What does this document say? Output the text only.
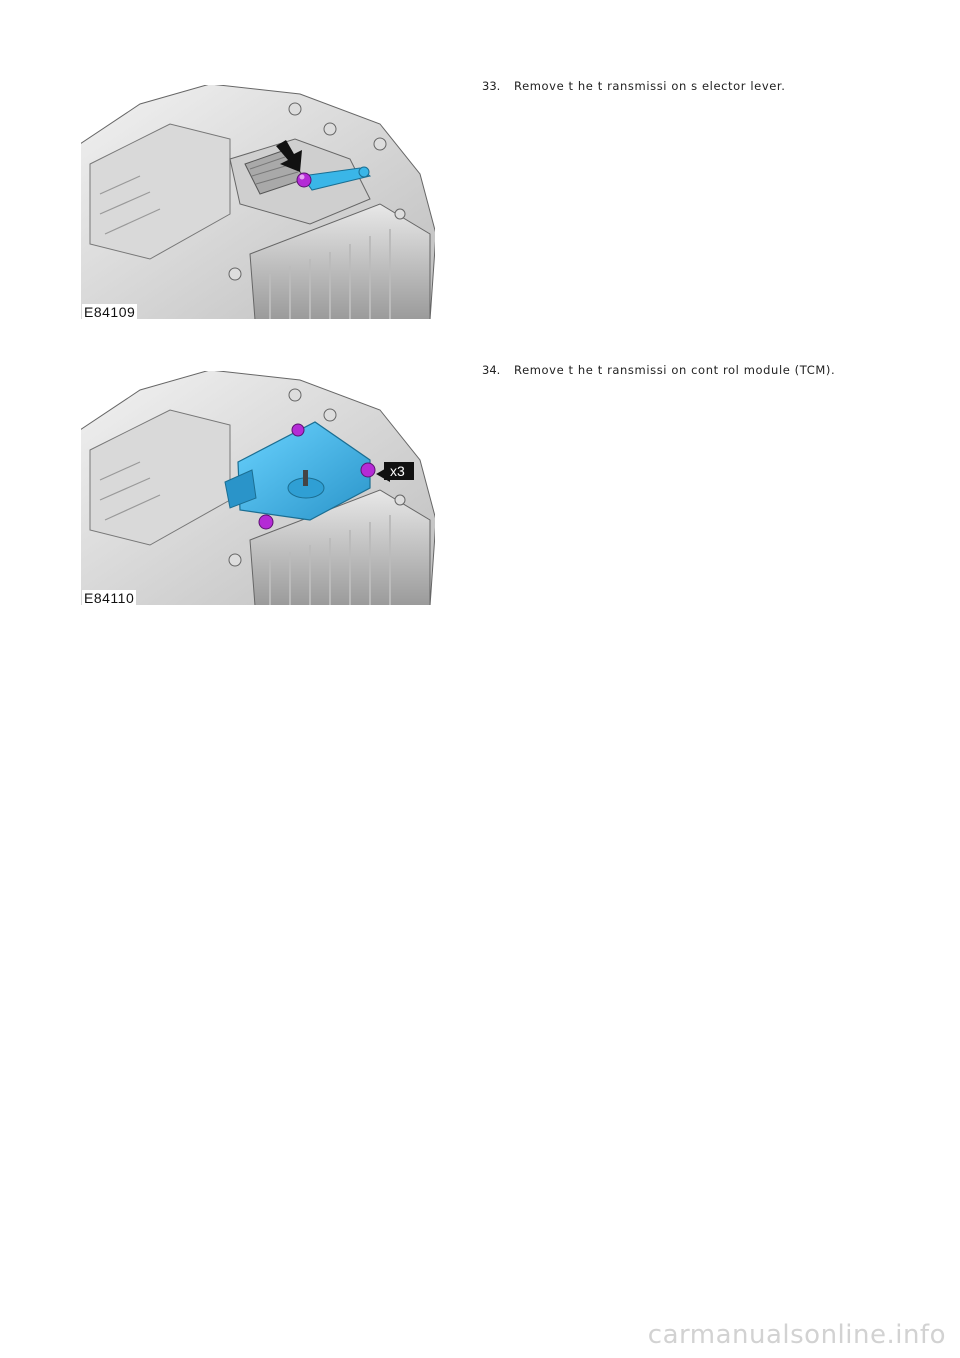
E84109
33. Remove t he t ransmissi on s elector lever.
x3
E84110
34. Remove t he t ransmissi on cont rol module (TCM).
carmanualsonline.info
